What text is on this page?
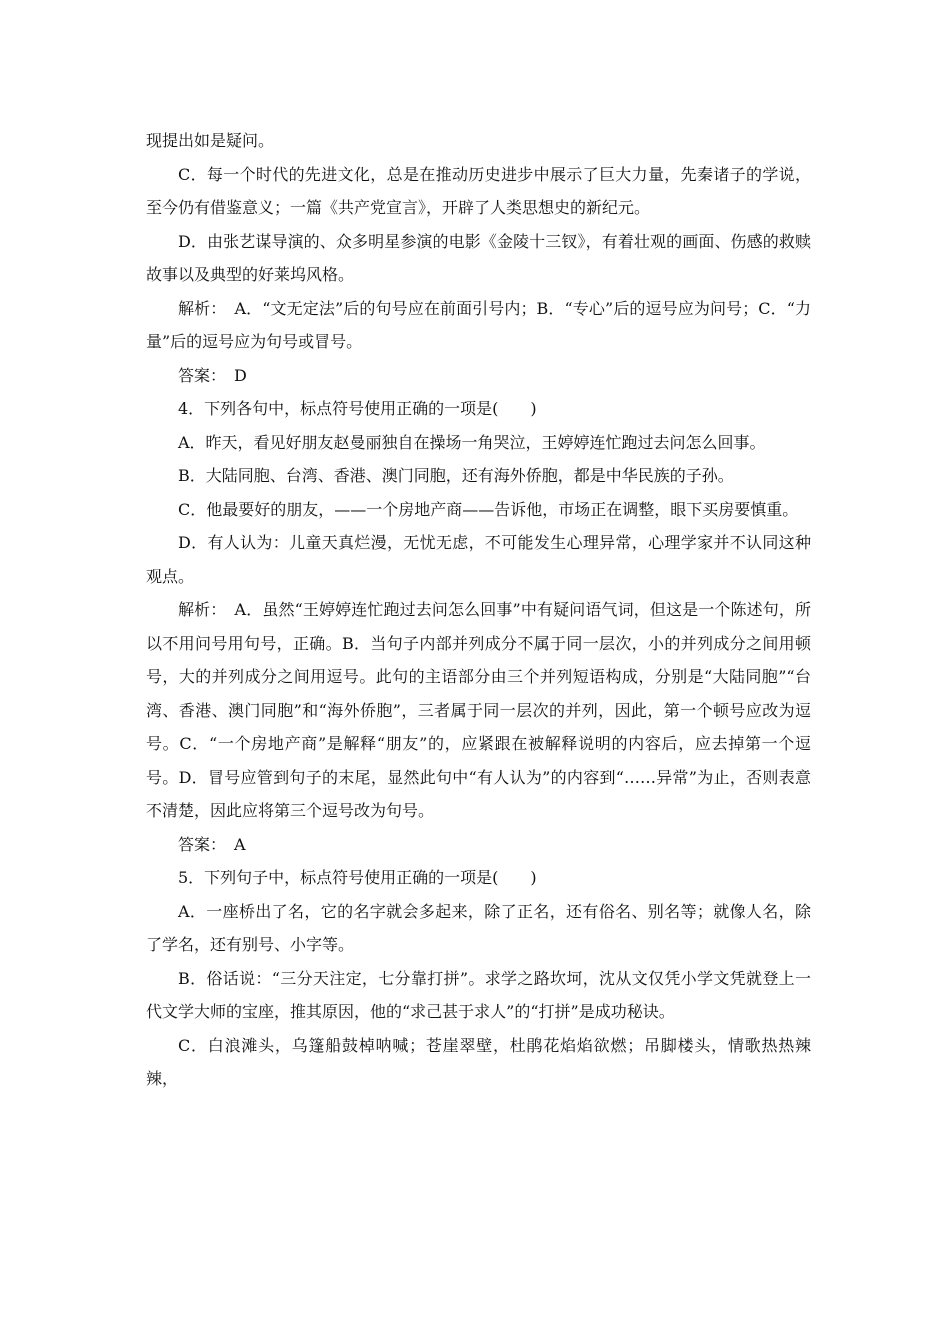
现提出如是疑问。

C．每一个时代的先进文化，总是在推动历史进步中展示了巨大力量，先秦诸子的学说，至今仍有借鉴意义；一篇《共产党宣言》，开辟了人类思想史的新纪元。

D．由张艺谋导演的、众多明星参演的电影《金陵十三钗》，有着壮观的画面、伤感的救赎故事以及典型的好莱坞风格。

解析：　A．“文无定法”后的句号应在前面引号内；B．“专心”后的逗号应为问号；C．“力量”后的逗号应为句号或冒号。

答案：　D

4．下列各句中，标点符号使用正确的一项是(　　)

A．昨天，看见好朋友赵曼丽独自在操场一角哭泣，王婷婷连忙跑过去问怎么回事。

B．大陆同胞、台湾、香港、澳门同胞，还有海外侨胞，都是中华民族的子孙。

C．他最要好的朋友，——一个房地产商——告诉他，市场正在调整，眼下买房要慎重。

D．有人认为：儿童天真烂漫，无忧无虑，不可能发生心理异常，心理学家并不认同这种观点。

解析：　A．虽然“王婷婷连忙跑过去问怎么回事”中有疑问语气词，但这是一个陈述句，所以不用问号用句号，正确。B．当句子内部并列成分不属于同一层次，小的并列成分之间用顿号，大的并列成分之间用逗号。此句的主语部分由三个并列短语构成，分别是“大陆同胞”“台湾、香港、澳门同胞”和“海外侨胞”，三者属于同一层次的并列，因此，第一个顿号应改为逗号。C．“一个房地产商”是解释“朋友”的，应紧跟在被解释说明的内容后，应去掉第一个逗号。D．冒号应管到句子的末尾，显然此句中“有人认为”的内容到“……异常”为止，否则表意不清楚，因此应将第三个逗号改为句号。

答案：　A

5．下列句子中，标点符号使用正确的一项是(　　)

A．一座桥出了名，它的名字就会多起来，除了正名，还有俗名、别名等；就像人名，除了学名，还有别号、小字等。

B．俗话说：“三分天注定，七分靠打拼”。求学之路坎坷，沈从文仅凭小学文凭就登上一代文学大师的宝座，推其原因，他的“求己甚于求人”的“打拼”是成功秘诀。

C．白浪滩头，乌篷船鼓棹呐喊；苍崖翠壁，杜鹃花焰焰欲燃；吊脚楼头，情歌热热辣辣，
